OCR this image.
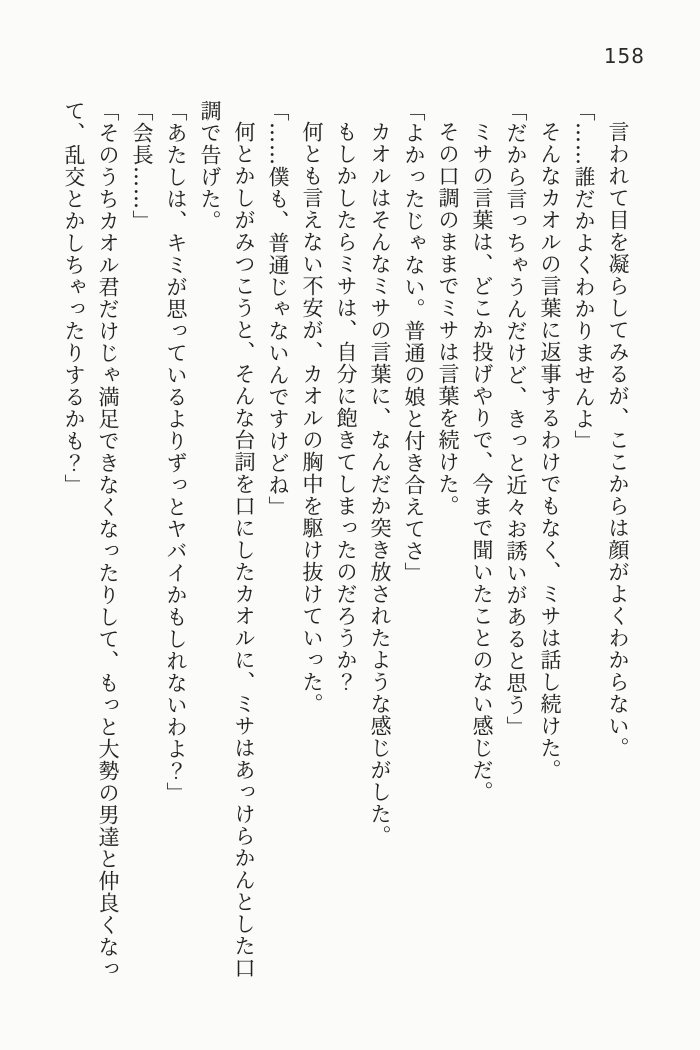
158

言われて目を凝らしてみるが、ここからは顔がよくわからない。

「……誰だかよくわかりませんよ」

そんなカオルの言葉に返事するわけでもなく、ミサは話し続けた。

「だから言っちゃうんだけど、きっと近々お誘いがあると思う」

ミサの言葉は、どこか投げやりで、今まで聞いたことのない感じだ。

その口調のままでミサは言葉を続けた。

「よかったじゃない。普通の娘と付き合えてさ」

カオルはそんなミサの言葉に、なんだか突き放されたような感じがした。

もしかしたらミサは、自分に飽きてしまったのだろうか？

何とも言えない不安が、カオルの胸中を駆け抜けていった。

「……僕も、普通じゃないんですけどね」

何とかしがみつこうと、そんな台詞を口にしたカオルに、ミサはあっけらかんとした口調で告げた。

「あたしは、キミが思っているよりずっとヤバイかもしれないわよ？」

「会長……」

「そのうちカオル君だけじゃ満足できなくなったりして、もっと大勢の男達と仲良くなって、乱交とかしちゃったりするかも？」
